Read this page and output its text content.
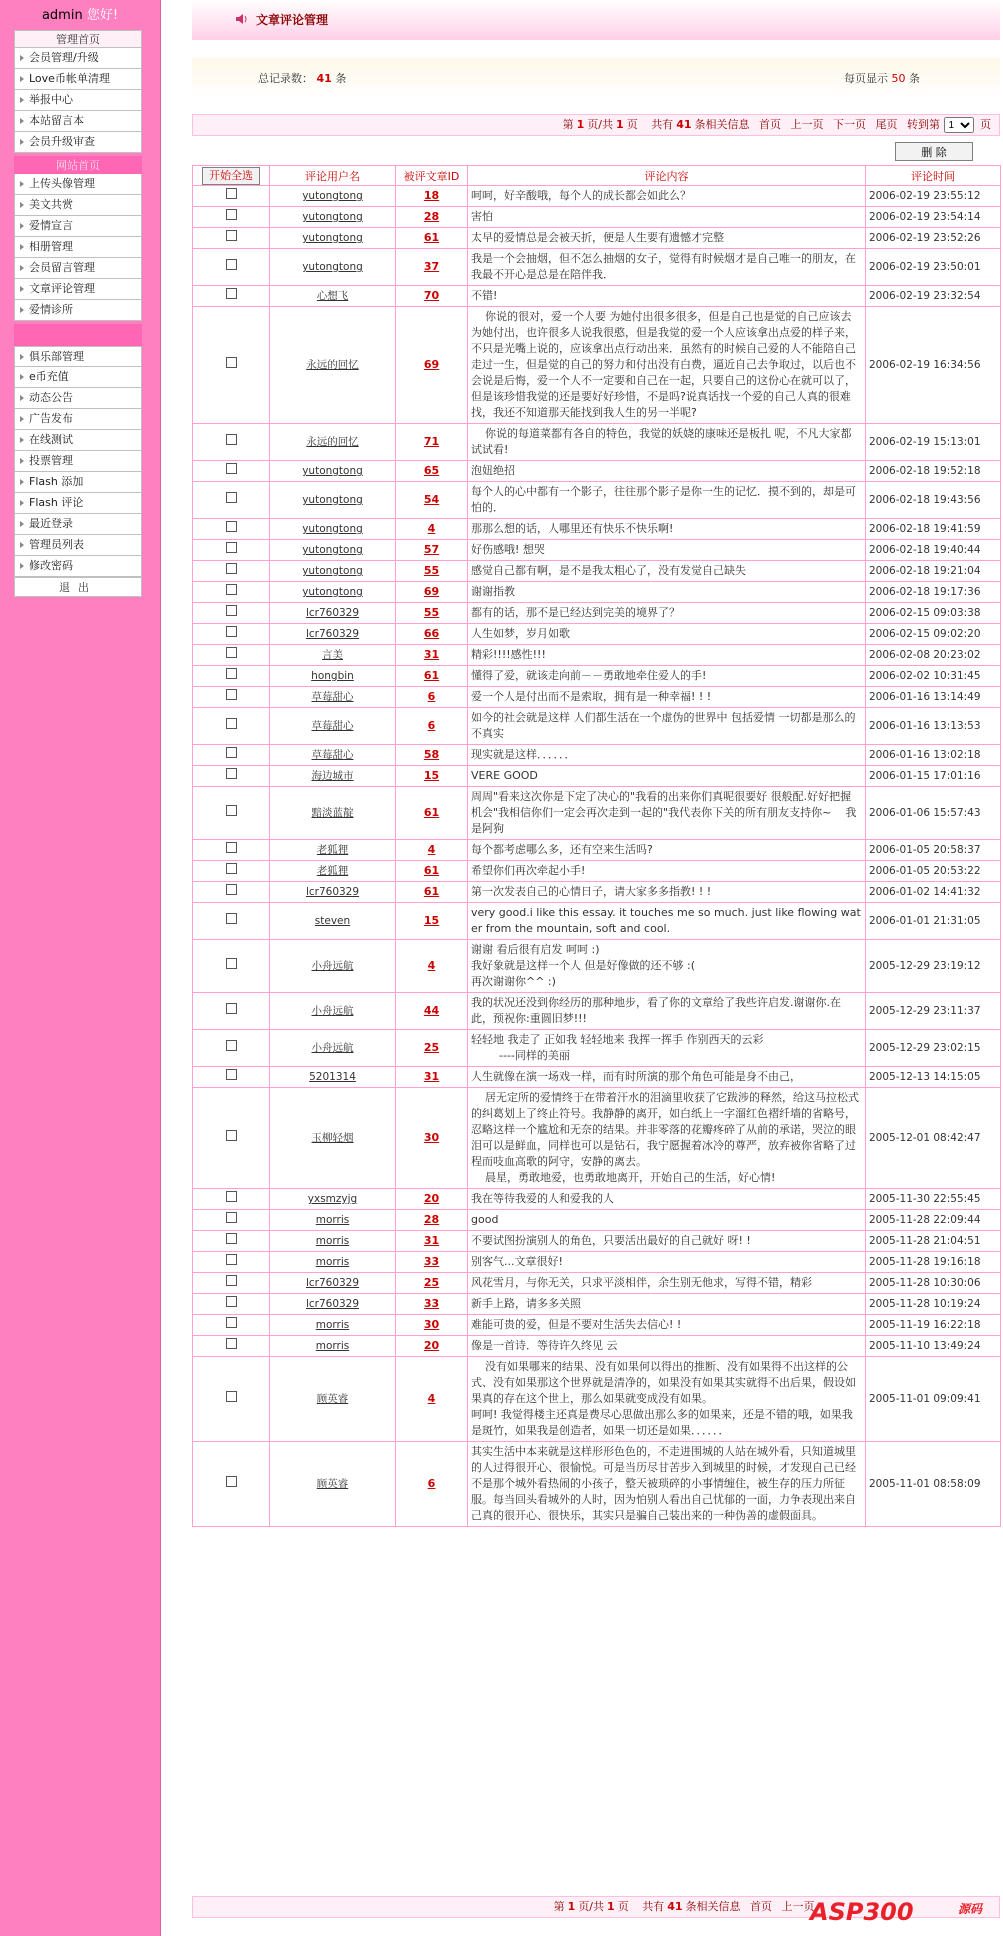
admin 您好!
管理首页
会员管理/升级
Love币帐单清理
举报中心
本站留言本
会员升级审查
网站首页
上传头像管理
美文共赏
爱情宣言
相册管理
会员留言管理
文章评论管理
爱情诊所
俱乐部管理
e币充值
动态公告
广告发布
在线测试
投票管理
Flash 添加
Flash 评论
最近登录
管理员列表
修改密码
退出
文章评论管理
总记录数： 41 条	每页显示 50 条
第 1 页/共 1 页 共有 41 条相关信息 首页 上一页 下一页 尾页 转到第
1	页
删 除
开始全选	评论用户名	被评文章ID	评论内容	评论时间
	yutongtong	18	呵呵，好辛酸哦，每个人的成长都会如此么？	2006-02-19 23:55:12
	yutongtong	28	害怕	2006-02-19 23:54:14
	yutongtong	61	太早的爱情总是会被天折，便是人生要有遗憾才完整	2006-02-19 23:52:26
	yutongtong	37	我是一个会抽烟，但不怎么抽烟的女子，觉得有时候烟才是自己唯一的朋友，在我最不开心是总是在陪伴我．	2006-02-19 23:50:01
	心想飞	70	不错!	2006-02-19 23:32:54
	永远的回忆	69	你说的很对，爱一个人要 为她付出很多很多，但是自己也是觉的自己应该去为她付出，也许很多人说我很憨，但是我觉的爱一个人应该拿出点爱的样子来，不只是光嘴上说的，应该拿出点行动出来．虽然有的时候自己爱的人不能陪自己走过一生，但是觉的自己的努力和付出没有白费，逼近自己去争取过，以后也不会说是后悔，爱一个人不一定要和自己在一起，只要自己的这份心在就可以了，但是该珍惜我觉的还是要好好珍惜，不是吗?说真话找一个爱的自己人真的很难找，我还不知道那天能找到我人生的另一半呢?	2006-02-19 16:34:56
	永远的回忆	71	你说的每道菜都有各自的特色，我觉的妖娆的康味还是板扎 呢，不凡大家都试试看!	2006-02-19 15:13:01
	yutongtong	65	泡妞绝招	2006-02-18 19:52:18
	yutongtong	54	每个人的心中都有一个影子，往往那个影子是你一生的记忆．摸不到的，却是可怕的．	2006-02-18 19:43:56
	yutongtong	4	那那么想的话，人哪里还有快乐不快乐啊!	2006-02-18 19:41:59
	yutongtong	57	好伤感哦! 想哭	2006-02-18 19:40:44
	yutongtong	55	感觉自己都有啊，是不是我太粗心了，没有发觉自己缺失	2006-02-18 19:21:04
	yutongtong	69	谢谢指教	2006-02-18 19:17:36
	lcr760329	55	都有的话，那不是已经达到完美的境界了？	2006-02-15 09:03:38
	lcr760329	66	人生如梦，岁月如歌	2006-02-15 09:02:20
	言美	31	精彩!!!!感性!!!	2006-02-08 20:23:02
	hongbin	61	懂得了爱，就该走向前－－勇敢地牵住爱人的手!	2006-02-02 10:31:45
	草莓甜心	6	爱一个人是付出而不是索取，拥有是一种幸福! ! !	2006-01-16 13:14:49
	草莓甜心	6	如今的社会就是这样 人们都生活在一个虚伪的世界中 包括爱情 一切都是那么的不真实	2006-01-16 13:13:53
	草莓甜心	58	现实就是这样．．．．．．	2006-01-16 13:02:18
	海边城市	15	VERE GOOD	2006-01-15 17:01:16
	黯淡蓝靛	61	周周"看来这次你是下定了决心的"我看的出来你们真呢很要好 很般配.好好把握机会"我相信你们一定会再次走到一起的"我代表你下关的所有朋友支持你~    我是阿狗	2006-01-06 15:57:43
	老狐狸	4	每个都考虑哪么多，还有空来生活吗?	2006-01-05 20:58:37
	老狐狸	61	希望你们再次牵起小手!	2006-01-05 20:53:22
	lcr760329	61	第一次发表自己的心情日子，请大家多多指教! ! !	2006-01-02 14:41:32
	steven	15	very good.i like this essay. it touches me so much. just like flowing water from the mountain, soft and cool.	2006-01-01 21:31:05
	小舟远航	4	谢谢 看后很有启发 呵呵 :)
我好象就是这样一个人 但是好像做的还不够 :(
再次谢谢你^^ :)	2005-12-29 23:19:12
	小舟远航	44	我的状况还没到你经历的那种地步，看了你的文章给了我些许启发.谢谢你.在此，预祝你:重圆旧梦!!!	2005-12-29 23:11:37
	小舟远航	25	轻轻地 我走了 正如我 轻轻地来 我挥一挥手 作别西天的云彩
----同样的美丽	2005-12-29 23:02:15
	5201314	31	人生就像在演一场戏一样，而有时所演的那个角色可能是身不由己，	2005-12-13 14:15:05
	玉柳轻烟	30	居无定所的爱情终于在带着汗水的泪滴里收获了它跋涉的释然，给这马拉松式的纠葛划上了终止符号。我静静的离开，如白纸上一字溜红色褶纤墙的省略号，忍略这样一个尴尬和无奈的结果。并非零落的花瓣疼碎了从前的承诺，哭泣的眼泪可以是鲜血，同样也可以是钻石，我宁愿握着冰冷的尊严，放弃被你省略了过程而吱血高歌的阿守，安静的离去。
晨星，勇敢地爱，也勇敢地离开，开始自己的生活，好心情!	2005-12-01 08:42:47
	yxsmzyjg	20	我在等待我爱的人和爱我的人	2005-11-30 22:55:45
	morris	28	good	2005-11-28 22:09:44
	morris	31	不要试图扮演别人的角色，只要活出最好的自己就好 呀! !	2005-11-28 21:04:51
	morris	33	别客气...文章很好!	2005-11-28 19:16:18
	lcr760329	25	风花雪月，与你无关，只求平淡相伴，余生别无他求，写得不错，精彩	2005-11-28 10:30:06
	lcr760329	33	新手上路，请多多关照	2005-11-28 10:19:24
	morris	30	难能可贵的爱，但是不要对生活失去信心! !	2005-11-19 16:22:18
	morris	20	像是一首诗．等待许久终见 云	2005-11-10 13:49:24
	顾英睿	4	没有如果哪来的结果、没有如果何以得出的推断、没有如果得不出这样的公式、没有如果那这个世界就是清净的，如果没有如果其实就得不出后果，假设如果真的存在这个世上，那么如果就变成没有如果。
呵呵! 我觉得楼主还真是费尽心思做出那么多的如果来，还是不错的哦，如果我是斑竹，如果我是创造者，如果一切还是如果．．．．．．	2005-11-01 09:09:41
	顾英睿	6	其实生活中本来就是这样形形色色的，不走进围城的人站在城外看，只知道城里的人过得很开心、很愉悦。可是当历尽甘苦步入到城里的时候，才发现自己已经不是那个城外看热闹的小孩子，整天被琐碎的小事情缠住，被生存的压力所征服。每当回头看城外的人时，因为怕别人看出自己忧郁的一面，力争表现出来自己真的很开心、很快乐，其实只是骗自己装出来的一种伪善的虚假面具。	2005-11-01 08:58:09
第 1 页/共 1 页 共有 41 条相关信息 首页 上一页
ASP300	源码
